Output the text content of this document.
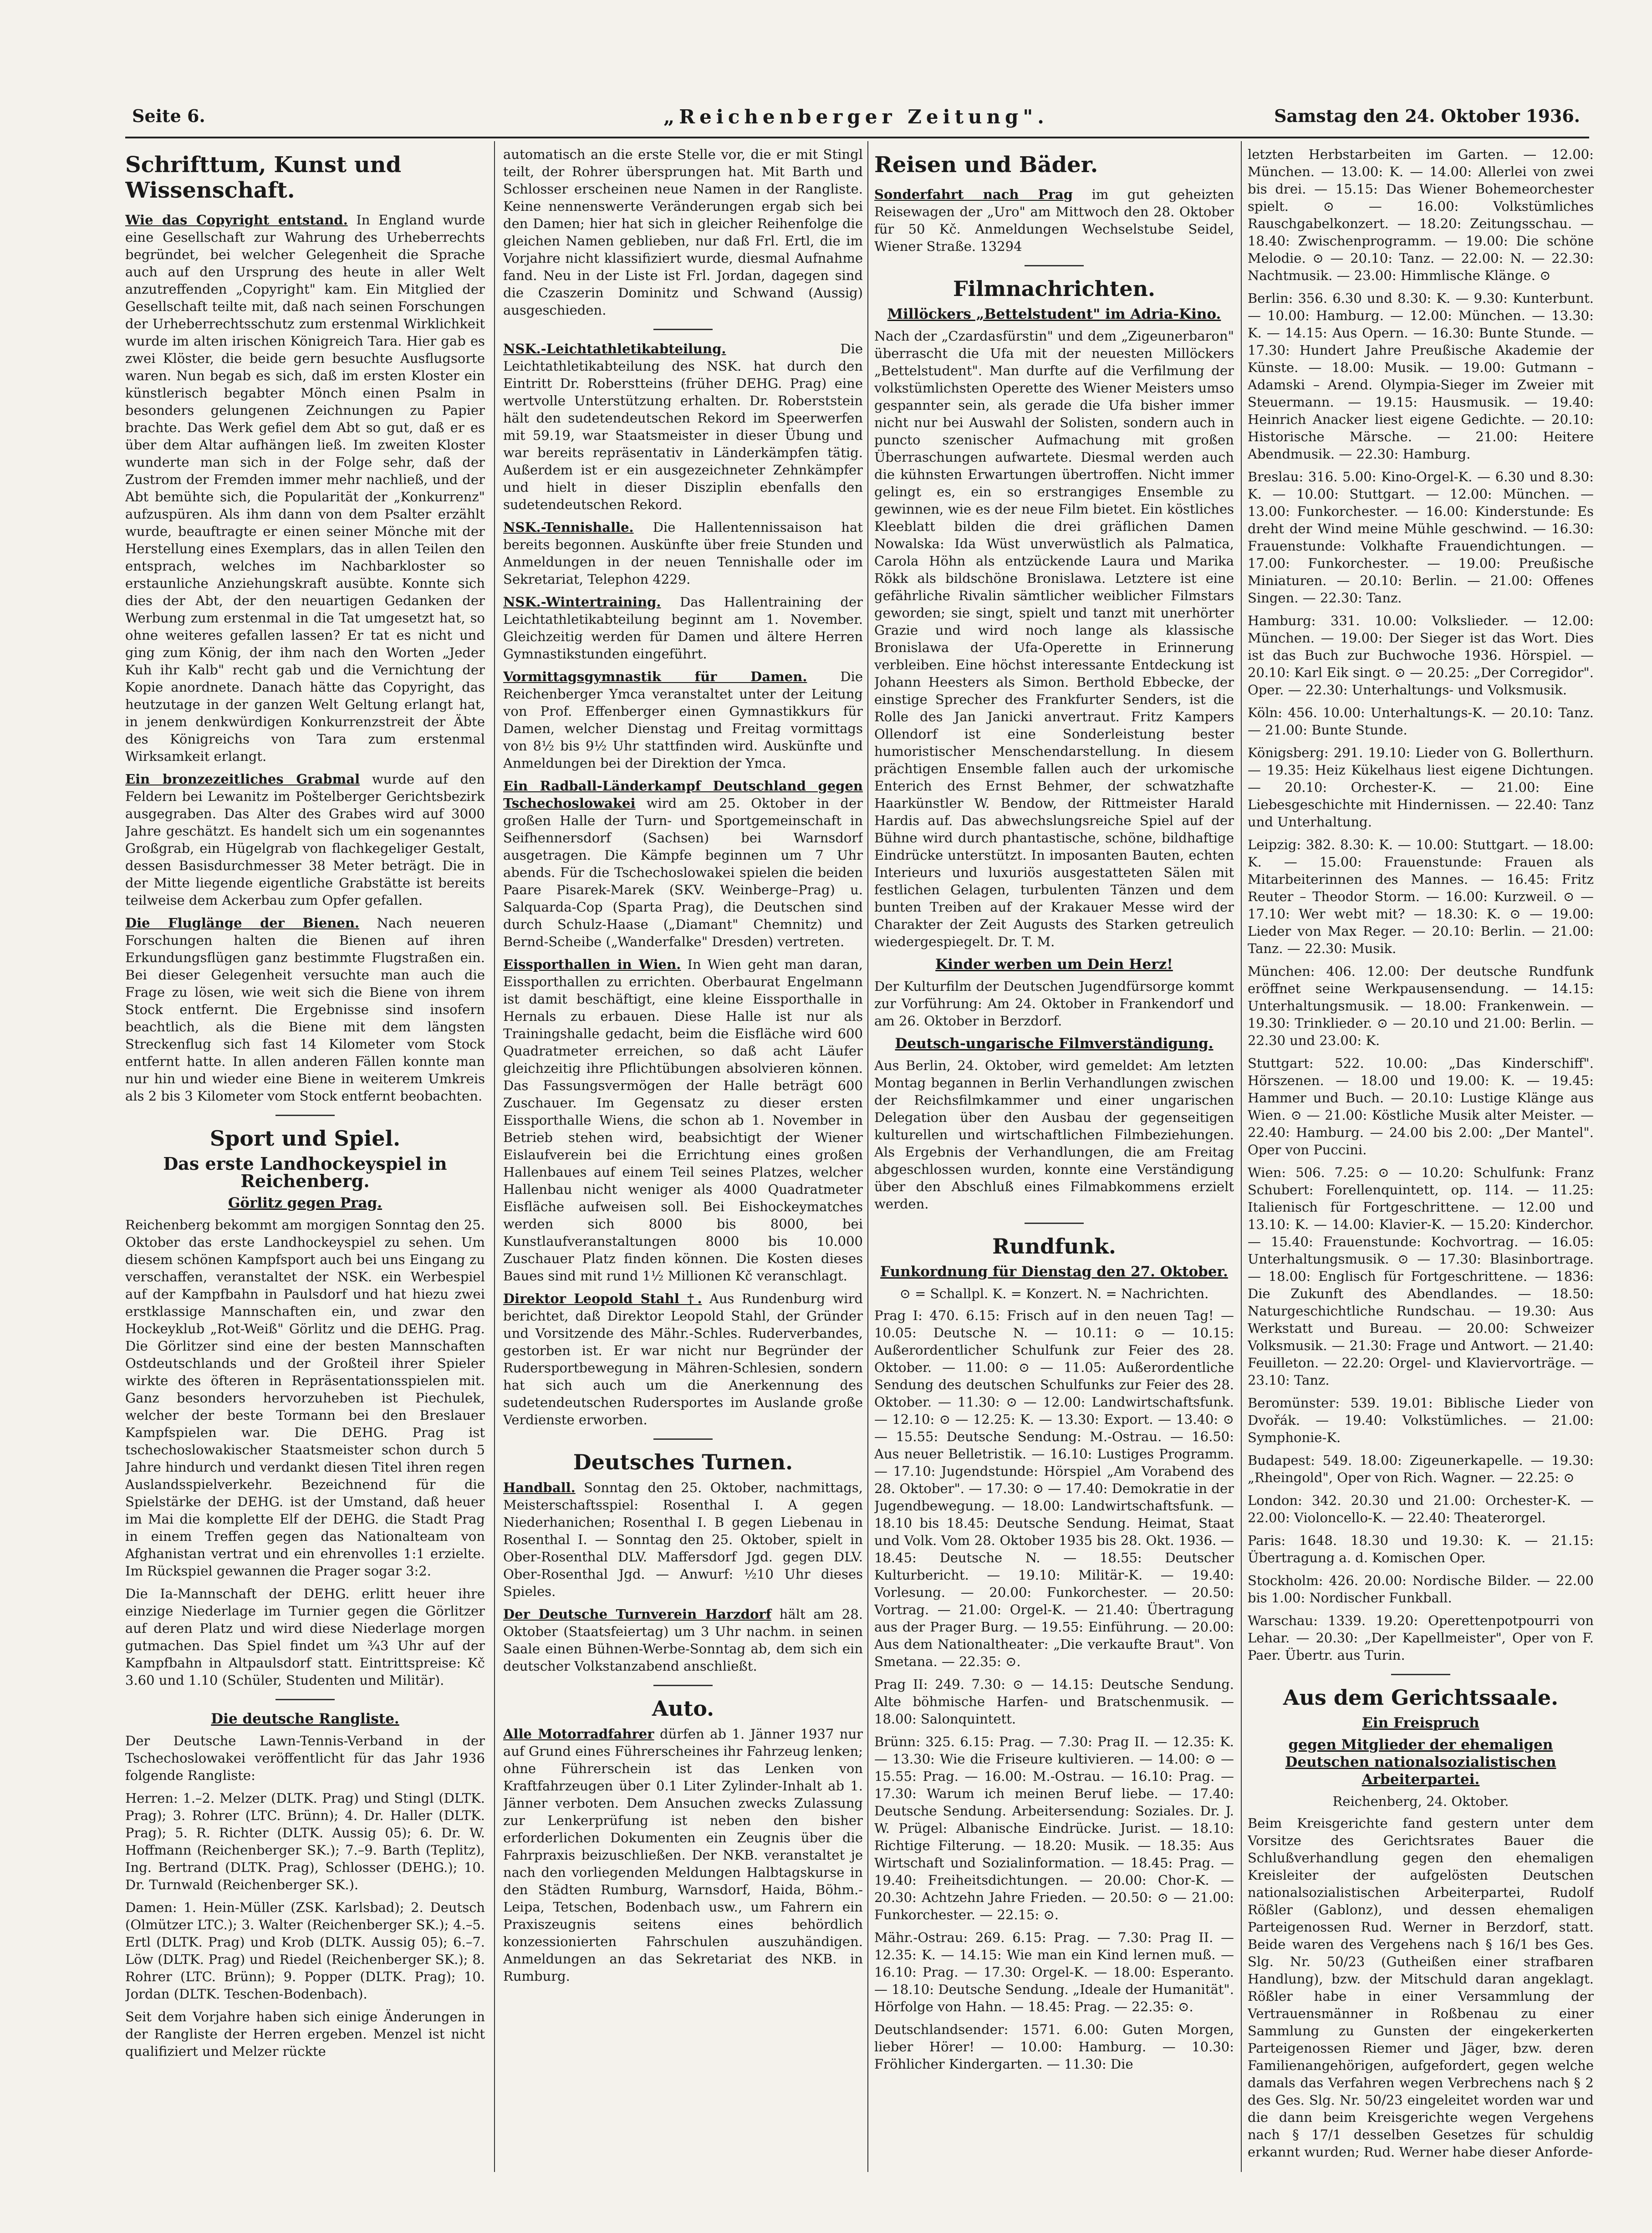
Seite 6.	„Reichenberger Zeitung".	Samstag den 24. Oktober 1936.
Schrifttum, Kunst und Wissenschaft.

Wie das Copyright entstand. In England wurde eine Gesellschaft zur Wahrung des Urheberrechts begründet, bei welcher Gelegenheit die Sprache auch auf den Ursprung des heute in aller Welt anzutreffenden „Copyright" kam. Ein Mitglied der Gesellschaft teilte mit, daß nach seinen Forschungen der Urheberrechtsschutz zum erstenmal Wirklichkeit wurde im alten irischen Königreich Tara. Hier gab es zwei Klöster, die beide gern besuchte Ausflugsorte waren. Nun begab es sich, daß im ersten Kloster ein künstlerisch begabter Mönch einen Psalm in besonders gelungenen Zeichnungen zu Papier brachte. Das Werk gefiel dem Abt so gut, daß er es über dem Altar aufhängen ließ. Im zweiten Kloster wunderte man sich in der Folge sehr, daß der Zustrom der Fremden immer mehr nachließ, und der Abt bemühte sich, die Popularität der „Konkurrenz" aufzuspüren. Als ihm dann von dem Psalter erzählt wurde, beauftragte er einen seiner Mönche mit der Herstellung eines Exemplars, das in allen Teilen den entsprach, welches im Nachbarkloster so erstaunliche Anziehungskraft ausübte. Konnte sich dies der Abt, der den neuartigen Gedanken der Werbung zum erstenmal in die Tat umgesetzt hat, so ohne weiteres gefallen lassen? Er tat es nicht und ging zum König, der ihm nach den Worten „Jeder Kuh ihr Kalb" recht gab und die Vernichtung der Kopie anordnete. Danach hätte das Copyright, das heutzutage in der ganzen Welt Geltung erlangt hat, in jenem denkwürdigen Konkurrenzstreit der Äbte des Königreichs von Tara zum erstenmal Wirksamkeit erlangt.

Ein bronzezeitliches Grabmal wurde auf den Feldern bei Lewanitz im Poštelberger Gerichtsbezirk ausgegraben. Das Alter des Grabes wird auf 3000 Jahre geschätzt. Es handelt sich um ein sogenanntes Großgrab, ein Hügelgrab von flachkegeliger Gestalt, dessen Basisdurchmesser 38 Meter beträgt. Die in der Mitte liegende eigentliche Grabstätte ist bereits teilweise dem Ackerbau zum Opfer gefallen.

Die Fluglänge der Bienen. Nach neueren Forschungen halten die Bienen auf ihren Erkundungsflügen ganz bestimmte Flugstraßen ein. Bei dieser Gelegenheit versuchte man auch die Frage zu lösen, wie weit sich die Biene von ihrem Stock entfernt. Die Ergebnisse sind insofern beachtlich, als die Biene mit dem längsten Streckenflug sich fast 14 Kilometer vom Stock entfernt hatte. In allen anderen Fällen konnte man nur hin und wieder eine Biene in weiterem Umkreis als 2 bis 3 Kilometer vom Stock entfernt beobachten.

Sport und Spiel.
Das erste Landhockeyspiel in Reichenberg.
Görlitz gegen Prag.

Reichenberg bekommt am morgigen Sonntag den 25. Oktober das erste Landhockeyspiel zu sehen. Um diesem schönen Kampfsport auch bei uns Eingang zu verschaffen, veranstaltet der NSK. ein Werbespiel auf der Kampfbahn in Paulsdorf und hat hiezu zwei erstklassige Mannschaften ein, und zwar den Hockeyklub „Rot-Weiß" Görlitz und die DEHG. Prag. Die Görlitzer sind eine der besten Mannschaften Ostdeutschlands und der Großteil ihrer Spieler wirkte des öfteren in Repräsentationsspielen mit. Ganz besonders hervorzuheben ist Piechulek, welcher der beste Tormann bei den Breslauer Kampfspielen war. Die DEHG. Prag ist tschechoslowakischer Staatsmeister schon durch 5 Jahre hindurch und verdankt diesen Titel ihren regen Auslandsspielverkehr. Bezeichnend für die Spielstärke der DEHG. ist der Umstand, daß heuer im Mai die komplette Elf der DEHG. die Stadt Prag in einem Treffen gegen das Nationalteam von Afghanistan vertrat und ein ehrenvolles 1:1 erzielte. Im Rückspiel gewannen die Prager sogar 3:2.

Die Ia-Mannschaft der DEHG. erlitt heuer ihre einzige Niederlage im Turnier gegen die Görlitzer auf deren Platz und wird diese Niederlage morgen gutmachen. Das Spiel findet um ¾3 Uhr auf der Kampfbahn in Altpaulsdorf statt. Eintrittspreise: Kč 3.60 und 1.10 (Schüler, Studenten und Militär).

Die deutsche Rangliste.

Der Deutsche Lawn-Tennis-Verband in der Tschechoslowakei veröffentlicht für das Jahr 1936 folgende Rangliste:

Herren: 1.–2. Melzer (DLTK. Prag) und Stingl (DLTK. Prag); 3. Rohrer (LTC. Brünn); 4. Dr. Haller (DLTK. Prag); 5. R. Richter (DLTK. Aussig 05); 6. Dr. W. Hoffmann (Reichenberger SK.); 7.–9. Barth (Teplitz), Ing. Bertrand (DLTK. Prag), Schlosser (DEHG.); 10. Dr. Turnwald (Reichenberger SK.).

Damen: 1. Hein-Müller (ZSK. Karlsbad); 2. Deutsch (Olmützer LTC.); 3. Walter (Reichenberger SK.); 4.–5. Ertl (DLTK. Prag) und Krob (DLTK. Aussig 05); 6.–7. Löw (DLTK. Prag) und Riedel (Reichenberger SK.); 8. Rohrer (LTC. Brünn); 9. Popper (DLTK. Prag); 10. Jordan (DLTK. Teschen-Bodenbach).

Seit dem Vorjahre haben sich einige Änderungen in der Rangliste der Herren ergeben. Menzel ist nicht qualifiziert und Melzer rückte

automatisch an die erste Stelle vor, die er mit Stingl teilt, der Rohrer übersprungen hat. Mit Barth und Schlosser erscheinen neue Namen in der Rangliste. Keine nennenswerte Veränderungen ergab sich bei den Damen; hier hat sich in gleicher Reihenfolge die gleichen Namen geblieben, nur daß Frl. Ertl, die im Vorjahre nicht klassifiziert wurde, diesmal Aufnahme fand. Neu in der Liste ist Frl. Jordan, dagegen sind die Czaszerin Dominitz und Schwand (Aussig) ausgeschieden.

NSK.-Leichtathletikabteilung.	Die Leichtathletikabteilung des NSK. hat durch den Eintritt Dr. Roberstteins (früher DEHG. Prag) eine wertvolle Unterstützung erhalten. Dr. Roberststein hält den sudetendeutschen Rekord im Speerwerfen mit 59.19, war Staatsmeister in dieser Übung und war bereits repräsentativ in Länderkämpfen tätig. Außerdem ist er ein ausgezeichneter Zehnkämpfer und hielt in dieser Disziplin ebenfalls den sudetendeutschen Rekord.

NSK.-Tennishalle. Die Hallentennissaison hat bereits begonnen. Auskünfte über freie Stunden und Anmeldungen in der neuen Tennishalle oder im Sekretariat, Telephon 4229.

NSK.-Wintertraining. Das Hallentraining der Leichtathletikabteilung beginnt am 1. November. Gleichzeitig werden für Damen und ältere Herren Gymnastikstunden eingeführt.

Vormittagsgymnastik für Damen.	Die Reichenberger Ymca veranstaltet unter der Leitung von Prof. Effenberger einen Gymnastikkurs für Damen, welcher Dienstag und Freitag vormittags von 8½ bis 9½ Uhr stattfinden wird. Auskünfte und Anmeldungen bei der Direktion der Ymca.

Ein Radball-Länderkampf Deutschland gegen Tschechoslowakei wird am 25. Oktober in der großen Halle der Turn- und Sportgemeinschaft in Seifhennersdorf (Sachsen) bei Warnsdorf ausgetragen. Die Kämpfe beginnen um 7 Uhr abends. Für die Tschechoslowakei spielen die beiden Paare Pisarek-Marek (SKV. Weinberge–Prag) u. Salquarda-Cop (Sparta Prag), die Deutschen sind durch Schulz-Haase („Diamant" Chemnitz) und Bernd-Scheibe („Wanderfalke" Dresden) vertreten.

Eissporthallen in Wien. In Wien geht man daran, Eissporthallen zu errichten. Oberbaurat Engelmann ist damit beschäftigt, eine kleine Eissporthalle in Hernals zu erbauen. Diese Halle ist nur als Trainingshalle gedacht, beim die Eisfläche wird 600 Quadratmeter erreichen, so daß acht Läufer gleichzeitig ihre Pflichtübungen absolvieren können. Das Fassungsvermögen der Halle beträgt 600 Zuschauer. Im Gegensatz zu dieser ersten Eissporthalle Wiens, die schon ab 1. November in Betrieb stehen wird, beabsichtigt der Wiener Eislaufverein bei die Errichtung eines großen Hallenbaues auf einem Teil seines Platzes, welcher Hallenbau nicht weniger als 4000 Quadratmeter Eisfläche aufweisen soll. Bei Eishockeymatches werden sich 8000 bis 8000, bei Kunstlaufveranstaltungen 8000 bis 10.000 Zuschauer Platz finden können. Die Kosten dieses Baues sind mit rund 1½ Millionen Kč veranschlagt.

Direktor Leopold Stahl †. Aus Rundenburg wird berichtet, daß Direktor Leopold Stahl, der Gründer und Vorsitzende des Mähr.-Schles. Ruderverbandes, gestorben ist. Er war nicht nur Begründer der Rudersportbewegung in Mähren-Schlesien, sondern hat sich auch um die Anerkennung des sudetendeutschen Rudersportes im Auslande große Verdienste erworben.

Deutsches Turnen.

Handball. Sonntag den 25. Oktober, nachmittags, Meisterschaftsspiel: Rosenthal I. A gegen Niederhanichen; Rosenthal I. B gegen Liebenau in Rosenthal I. — Sonntag den 25. Oktober, spielt in Ober-Rosenthal DLV. Maffersdorf Jgd. gegen DLV. Ober-Rosenthal Jgd. — Anwurf: ½10 Uhr dieses Spieles.

Der Deutsche Turnverein Harzdorf hält am 28. Oktober (Staatsfeiertag) um 3 Uhr nachm. in seinen Saale einen Bühnen-Werbe-Sonntag ab, dem sich ein deutscher Volkstanzabend anschließt.

Auto.

Alle Motorradfahrer dürfen ab 1. Jänner 1937 nur auf Grund eines Führerscheines ihr Fahrzeug lenken; ohne Führerschein ist das Lenken von Kraftfahrzeugen über 0.1 Liter Zylinder-Inhalt ab 1. Jänner verboten. Dem Ansuchen zwecks Zulassung zur Lenkerprüfung ist neben den bisher erforderlichen Dokumenten ein Zeugnis über die Fahrpraxis beizuschließen. Der NKB. veranstaltet je nach den vorliegenden Meldungen Halbtagskurse in den Städten Rumburg, Warnsdorf, Haida, Böhm.-Leipa, Tetschen, Bodenbach usw., um Fahrern ein Praxiszeugnis seitens eines behördlich konzessionierten Fahrschulen auszuhändigen. Anmeldungen an das Sekretariat des NKB. in Rumburg.

Reisen und Bäder.

Sonderfahrt nach Prag im gut geheizten Reisewagen der „Uro" am Mittwoch den 28. Oktober für 50 Kč. Anmeldungen Wechselstube Seidel, Wiener Straße. 13294

Filmnachrichten.
Millöckers „Bettelstudent" im Adria-Kino.

Nach der „Czardasfürstin" und dem „Zigeunerbaron" überrascht die Ufa mit der neuesten Millöckers „Bettelstudent". Man durfte auf die Verfilmung der volkstümlichsten Operette des Wiener Meisters umso gespannter sein, als gerade die Ufa bisher immer nicht nur bei Auswahl der Solisten, sondern auch in puncto szenischer Aufmachung mit großen Überraschungen aufwartete. Diesmal werden auch die kühnsten Erwartungen übertroffen. Nicht immer gelingt es, ein so erstrangiges Ensemble zu gewinnen, wie es der neue Film bietet. Ein köstliches Kleeblatt bilden die drei gräflichen Damen Nowalska: Ida Wüst unverwüstlich als Palmatica, Carola Höhn als entzückende Laura und Marika Rökk als bildschöne Bronislawa. Letztere ist eine gefährliche Rivalin sämtlicher weiblicher Filmstars geworden; sie singt, spielt und tanzt mit unerhörter Grazie und wird noch lange als klassische Bronislawa der Ufa-Operette in Erinnerung verbleiben. Eine höchst interessante Entdeckung ist Johann Heesters als Simon. Berthold Ebbecke, der einstige Sprecher des Frankfurter Senders, ist die Rolle des Jan Janicki anvertraut. Fritz Kampers Ollendorf ist eine Sonderleistung bester humoristischer Menschendarstellung. In diesem prächtigen Ensemble fallen auch der urkomische Enterich des Ernst Behmer, der schwatzhafte Haarkünstler W. Bendow, der Rittmeister Harald Hardis auf. Das abwechslungsreiche Spiel auf der Bühne wird durch phantastische, schöne, bildhaftige Eindrücke unterstützt. In imposanten Bauten, echten Interieurs und luxuriös ausgestatteten Sälen mit festlichen Gelagen, turbulenten Tänzen und dem bunten Treiben auf der Krakauer Messe wird der Charakter der Zeit Augusts des Starken getreulich wiedergespiegelt. Dr. T. M.

Kinder werben um Dein Herz!

Der Kulturfilm der Deutschen Jugendfürsorge kommt zur Vorführung: Am 24. Oktober in Frankendorf und am 26. Oktober in Berzdorf.

Deutsch-ungarische Filmverständigung.

Aus Berlin, 24. Oktober, wird gemeldet: Am letzten Montag begannen in Berlin Verhandlungen zwischen der Reichsfilmkammer und einer ungarischen Delegation über den Ausbau der gegenseitigen kulturellen und wirtschaftlichen Filmbeziehungen. Als Ergebnis der Verhandlungen, die am Freitag abgeschlossen wurden, konnte eine Verständigung über den Abschluß eines Filmabkommens erzielt werden.

Rundfunk.
Funkordnung für Dienstag den 27. Oktober.

⊙ = Schallpl. K. = Konzert. N. = Nachrichten.

Prag I: 470. 6.15: Frisch auf in den neuen Tag! — 10.05: Deutsche N. — 10.11: ⊙ — 10.15: Außerordentlicher Schulfunk zur Feier des 28. Oktober. — 11.00: ⊙ — 11.05: Außerordentliche Sendung des deutschen Schulfunks zur Feier des 28. Oktober. — 11.30: ⊙ — 12.00: Landwirtschaftsfunk. — 12.10: ⊙ — 12.25: K. — 13.30: Export. — 13.40: ⊙ — 15.55: Deutsche Sendung: M.-Ostrau. — 16.50: Aus neuer Belletristik. — 16.10: Lustiges Programm. — 17.10: Jugendstunde: Hörspiel „Am Vorabend des 28. Oktober". — 17.30: ⊙ — 17.40: Demokratie in der Jugendbewegung. — 18.00: Landwirtschaftsfunk. — 18.10 bis 18.45: Deutsche Sendung. Heimat, Staat und Volk. Vom 28. Oktober 1935 bis 28. Okt. 1936. — 18.45: Deutsche N. — 18.55: Deutscher Kulturbericht. — 19.10: Militär-K. — 19.40: Vorlesung. — 20.00: Funkorchester. — 20.50: Vortrag. — 21.00: Orgel-K. — 21.40: Übertragung aus der Prager Burg. — 19.55: Einführung. — 20.00: Aus dem Nationaltheater: „Die verkaufte Braut". Von Smetana. — 22.35: ⊙.

Prag II: 249. 7.30: ⊙ — 14.15: Deutsche Sendung. Alte böhmische Harfen- und Bratschenmusik. — 18.00: Salonquintett.

Brünn: 325. 6.15: Prag. — 7.30: Prag II. — 12.35: K. — 13.30: Wie die Friseure kultivieren. — 14.00: ⊙ — 15.55: Prag. — 16.00: M.-Ostrau. — 16.10: Prag. — 17.30: Warum ich meinen Beruf liebe. — 17.40: Deutsche Sendung. Arbeitersendung: Soziales. Dr. J. W. Prügel: Albanische Eindrücke. Jurist. — 18.10: Richtige Filterung. — 18.20: Musik. — 18.35: Aus Wirtschaft und Sozialinformation. — 18.45: Prag. — 19.40: Freiheitsdichtungen. — 20.00: Chor-K. — 20.30: Achtzehn Jahre Frieden. — 20.50: ⊙ — 21.00: Funkorchester. — 22.15: ⊙.

Mähr.-Ostrau: 269. 6.15: Prag. — 7.30: Prag II. — 12.35: K. — 14.15: Wie man ein Kind lernen muß. — 16.10: Prag. — 17.30: Orgel-K. — 18.00: Esperanto. — 18.10: Deutsche Sendung. „Ideale der Humanität". Hörfolge von Hahn. — 18.45: Prag. — 22.35: ⊙.

Deutschlandsender: 1571. 6.00: Guten Morgen, lieber Hörer! — 10.00: Hamburg. — 10.30: Fröhlicher Kindergarten. — 11.30: Die

letzten Herbstarbeiten im Garten. — 12.00: München. — 13.00: K. — 14.00: Allerlei von zwei bis drei. — 15.15: Das Wiener Bohemeorchester spielt. ⊙ — 16.00: Volkstümliches Rauschgabelkonzert. — 18.20: Zeitungsschau. — 18.40: Zwischenprogramm. — 19.00: Die schöne Melodie. ⊙ — 20.10: Tanz. — 22.00: N. — 22.30: Nachtmusik. — 23.00: Himmlische Klänge. ⊙

Berlin: 356. 6.30 und 8.30: K. — 9.30: Kunterbunt. — 10.00: Hamburg. — 12.00: München. — 13.30: K. — 14.15: Aus Opern. — 16.30: Bunte Stunde. — 17.30: Hundert Jahre Preußische Akademie der Künste. — 18.00: Musik. — 19.00: Gutmann – Adamski – Arend. Olympia-Sieger im Zweier mit Steuermann. — 19.15: Hausmusik. — 19.40: Heinrich Anacker liest eigene Gedichte. — 20.10: Historische Märsche. — 21.00: Heitere Abendmusik. — 22.30: Hamburg.

Breslau: 316. 5.00: Kino-Orgel-K. — 6.30 und 8.30: K. — 10.00: Stuttgart. — 12.00: München. — 13.00: Funkorchester. — 16.00: Kinderstunde: Es dreht der Wind meine Mühle geschwind. — 16.30: Frauenstunde: Volkhafte Frauendichtungen. — 17.00: Funkorchester. — 19.00: Preußische Miniaturen. — 20.10: Berlin. — 21.00: Offenes Singen. — 22.30: Tanz.

Hamburg: 331. 10.00: Volkslieder. — 12.00: München. — 19.00: Der Sieger ist das Wort. Dies ist das Buch zur Buchwoche 1936. Hörspiel. — 20.10: Karl Eik singt. ⊙ — 20.25: „Der Corregidor". Oper. — 22.30: Unterhaltungs- und Volksmusik.

Köln: 456. 10.00: Unterhaltungs-K. — 20.10: Tanz. — 21.00: Bunte Stunde.

Königsberg: 291. 19.10: Lieder von G. Bollerthurn. — 19.35: Heiz Kükelhaus liest eigene Dichtungen. — 20.10: Orchester-K. — 21.00: Eine Liebesgeschichte mit Hindernissen. — 22.40: Tanz und Unterhaltung.

Leipzig: 382. 8.30: K. — 10.00: Stuttgart. — 18.00: K. — 15.00: Frauenstunde: Frauen als Mitarbeiterinnen des Mannes. — 16.45: Fritz Reuter – Theodor Storm. — 16.00: Kurzweil. ⊙ — 17.10: Wer webt mit? — 18.30: K. ⊙ — 19.00: Lieder von Max Reger. — 20.10: Berlin. — 21.00: Tanz. — 22.30: Musik.

München: 406. 12.00: Der deutsche Rundfunk eröffnet seine Werkpausensendung. — 14.15: Unterhaltungsmusik. — 18.00: Frankenwein. — 19.30: Trinklieder. ⊙ — 20.10 und 21.00: Berlin. — 22.30 und 23.00: K.

Stuttgart: 522. 10.00: „Das Kinderschiff". Hörszenen. — 18.00 und 19.00: K. — 19.45: Hammer und Buch. — 20.10: Lustige Klänge aus Wien. ⊙ — 21.00: Köstliche Musik alter Meister. — 22.40: Hamburg. — 24.00 bis 2.00: „Der Mantel". Oper von Puccini.

Wien: 506. 7.25: ⊙ — 10.20: Schulfunk: Franz Schubert: Forellenquintett, op. 114. — 11.25: Italienisch für Fortgeschrittene. — 12.00 und 13.10: K. — 14.00: Klavier-K. — 15.20: Kinderchor. — 15.40: Frauenstunde: Kochvortrag. — 16.05: Unterhaltungsmusik. ⊙ — 17.30: Blasinbortrage. — 18.00: Englisch für Fortgeschrittene. — 1836: Die Zukunft des Abendlandes. — 18.50: Naturgeschichtliche Rundschau. — 19.30: Aus Werkstatt und Bureau. — 20.00: Schweizer Volksmusik. — 21.30: Frage und Antwort. — 21.40: Feuilleton. — 22.20: Orgel- und Klaviervorträge. — 23.10: Tanz.

Beromünster: 539. 19.01: Biblische Lieder von Dvořák. — 19.40: Volkstümliches. — 21.00: Symphonie-K.

Budapest: 549. 18.00: Zigeunerkapelle. — 19.30: „Rheingold", Oper von Rich. Wagner. — 22.25: ⊙

London: 342. 20.30 und 21.00: Orchester-K. — 22.00: Violoncello-K. — 22.40: Theaterorgel.

Paris: 1648. 18.30 und 19.30: K. — 21.15: Übertragung a. d. Komischen Oper.

Stockholm: 426. 20.00: Nordische Bilder. — 22.00 bis 1.00: Nordischer Funkball.

Warschau: 1339. 19.20: Operettenpotpourri von Lehar. — 20.30: „Der Kapellmeister", Oper von F. Paer. Übertr. aus Turin.

Aus dem Gerichtssaale.
Ein Freispruch
gegen Mitglieder der ehemaligen Deutschen nationalsozialistischen Arbeiterpartei.

Reichenberg, 24. Oktober.

Beim Kreisgerichte fand gestern unter dem Vorsitze des Gerichtsrates Bauer die Schlußverhandlung gegen den ehemaligen Kreisleiter der aufgelösten Deutschen nationalsozialistischen Arbeiterpartei, Rudolf Rößler (Gablonz), und dessen ehemaligen Parteigenossen Rud. Werner in Berzdorf, statt. Beide waren des Vergehens nach § 16/1 bes Ges. Slg. Nr. 50/23 (Gutheißen einer strafbaren Handlung), bzw. der Mitschuld daran angeklagt. Rößler habe in einer Versammlung der Vertrauensmänner in Roßbenau zu einer Sammlung zu Gunsten der eingekerkerten Parteigenossen Riemer und Jäger, bzw. deren Familienangehörigen, aufgefordert, gegen welche damals das Verfahren wegen Verbrechens nach § 2 des Ges. Slg. Nr. 50/23 eingeleitet worden war und die dann beim Kreisgerichte wegen Vergehens nach § 17/1 desselben Gesetzes für schuldig erkannt wurden; Rud. Werner habe dieser Anforde-
